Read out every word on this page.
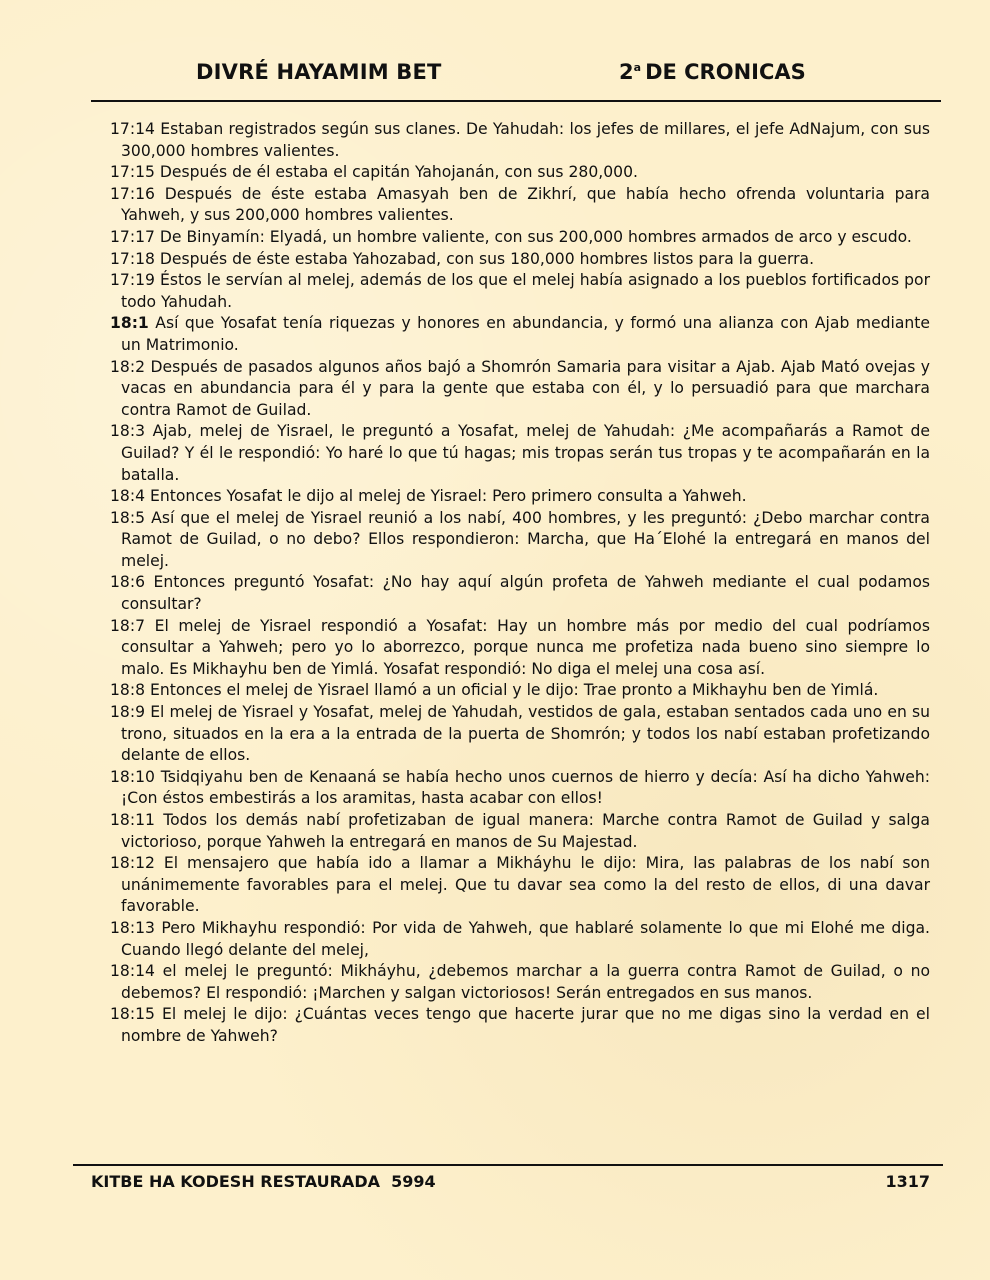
DIVRÉ HAYAMIM BET	2$^a$ DE CRONICAS

17:14 Estaban registrados según sus clanes. De Yahudah: los jefes de millares, el jefe AdNajum, con sus 300,000 hombres valientes.

17:15 Después de él estaba el capitán Yahojanán, con sus 280,000.

17:16 Después de éste estaba Amasyah ben de Zikhrí, que había hecho ofrenda voluntaria para Yahweh, y sus 200,000 hombres valientes.

17:17 De Binyamín: Elyadá, un hombre valiente, con sus 200,000 hombres armados de arco y escudo.

17:18 Después de éste estaba Yahozabad, con sus 180,000 hombres listos para la guerra.

17:19 Éstos le servían al melej, además de los que el melej había asignado a los pueblos fortificados por todo Yahudah.

18:1 Así que Yosafat tenía riquezas y honores en abundancia, y formó una alianza con Ajab mediante un Matrimonio.

18:2 Después de pasados algunos años bajó a Shomrón Samaria para visitar a Ajab. Ajab Mató ovejas y vacas en abundancia para él y para la gente que estaba con él, y lo persuadió para que marchara contra Ramot de Guilad.

18:3 Ajab, melej de Yisrael, le preguntó a Yosafat, melej de Yahudah: ¿Me acompañarás a Ramot de Guilad? Y él le respondió: Yo haré lo que tú hagas; mis tropas serán tus tropas y te acompañarán en la batalla.

18:4 Entonces Yosafat le dijo al melej de Yisrael: Pero primero consulta a Yahweh.

18:5 Así que el melej de Yisrael reunió a los nabí, 400 hombres, y les preguntó: ¿Debo marchar contra Ramot de Guilad, o no debo? Ellos respondieron: Marcha, que Ha´Elohé la entregará en manos del melej.

18:6 Entonces preguntó Yosafat: ¿No hay aquí algún profeta de Yahweh mediante el cual podamos consultar?

18:7 El melej de Yisrael respondió a Yosafat: Hay un hombre más por medio del cual podríamos consultar a Yahweh; pero yo lo aborrezco, porque nunca me profetiza nada bueno sino siempre lo malo. Es Mikhayhu ben de Yimlá. Yosafat respondió: No diga el melej una cosa así.

18:8 Entonces el melej de Yisrael llamó a un oficial y le dijo: Trae pronto a Mikhayhu ben de Yimlá.

18:9 El melej de Yisrael y Yosafat, melej de Yahudah, vestidos de gala, estaban sentados cada uno en su trono, situados en la era a la entrada de la puerta de Shomrón; y todos los nabí estaban profetizando delante de ellos.

18:10 Tsidqiyahu ben de Kenaaná se había hecho unos cuernos de hierro y decía: Así ha dicho Yahweh: ¡Con éstos embestirás a los aramitas, hasta acabar con ellos!

18:11 Todos los demás nabí profetizaban de igual manera: Marche contra Ramot de Guilad y salga victorioso, porque Yahweh la entregará en manos de Su Majestad.

18:12 El mensajero que había ido a llamar a Mikháyhu le dijo: Mira, las palabras de los nabí son unánimemente favorables para el melej. Que tu davar sea como la del resto de ellos, di una davar favorable.

18:13 Pero Mikhayhu respondió: Por vida de Yahweh, que hablaré solamente lo que mi Elohé me diga. Cuando llegó delante del melej,

18:14 el melej le preguntó: Mikháyhu, ¿debemos marchar a la guerra contra Ramot de Guilad, o no debemos? El respondió: ¡Marchen y salgan victoriosos! Serán entregados en sus manos.

18:15 El melej le dijo: ¿Cuántas veces tengo que hacerte jurar que no me digas sino la verdad en el nombre de Yahweh?

KITBE HA KODESH RESTAURADA  5994	1317
